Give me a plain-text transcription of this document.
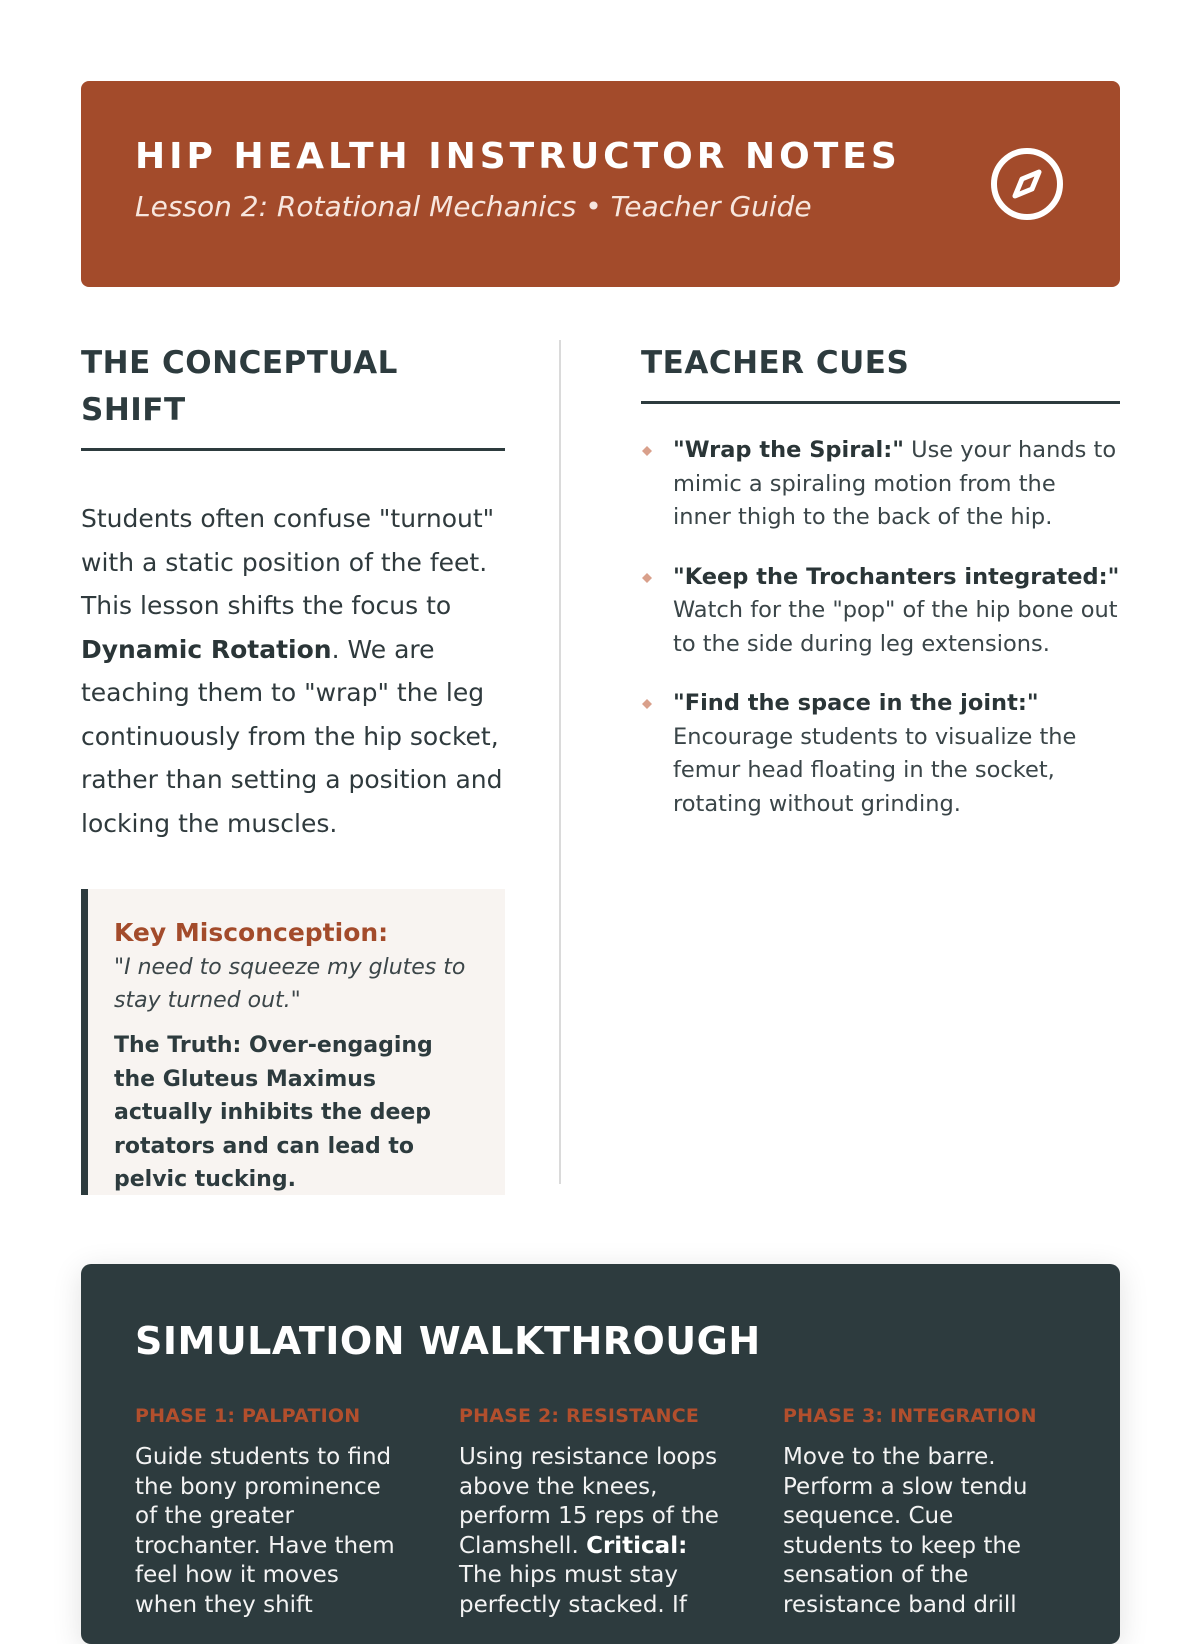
HIP HEALTH INSTRUCTOR NOTES
Lesson 2: Rotational Mechanics • Teacher Guide
THE CONCEPTUAL SHIFT

Students often confuse "turnout" with a static position of the feet. This lesson shifts the focus to Dynamic Rotation. We are teaching them to "wrap" the leg continuously from the hip socket, rather than setting a position and locking the muscles.

Key Misconception:
"I need to squeeze my glutes to stay turned out."
The Truth: Over-engaging the Gluteus Maximus actually inhibits the deep rotators and can lead to pelvic tucking.
TEACHER CUES
"Wrap the Spiral:" Use your hands to mimic a spiraling motion from the inner thigh to the back of the hip.
"Keep the Trochanters integrated:" Watch for the "pop" of the hip bone out to the side during leg extensions.
"Find the space in the joint:" Encourage students to visualize the femur head floating in the socket, rotating without grinding.
SIMULATION WALKTHROUGH
PHASE 1: PALPATION
Guide students to find the bony prominence of the greater trochanter. Have them feel how it moves when they shift
PHASE 2: RESISTANCE
Using resistance loops above the knees, perform 15 reps of the Clamshell. Critical: The hips must stay perfectly stacked. If
PHASE 3: INTEGRATION
Move to the barre. Perform a slow tendu sequence. Cue students to keep the sensation of the resistance band drill
